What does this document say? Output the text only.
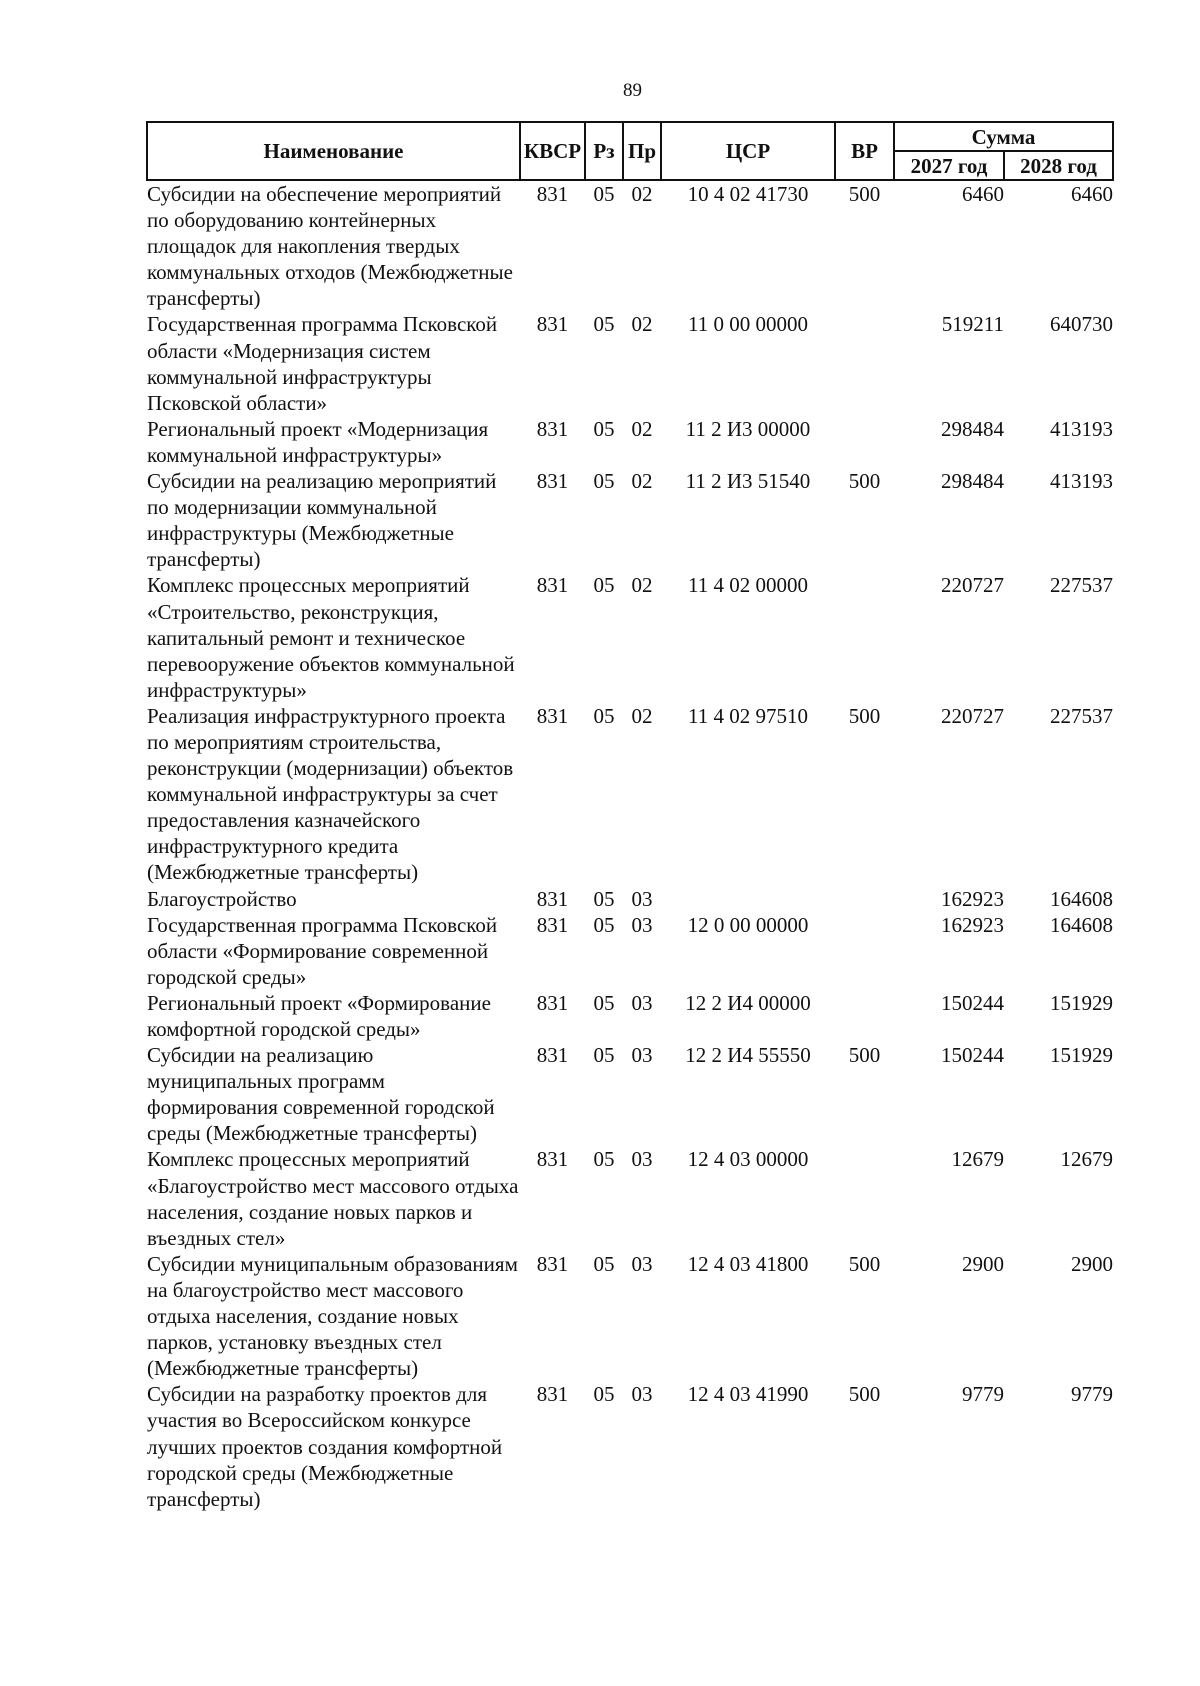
89
Наименование	КВСР	Рз	Пр	ЦСР	ВР	Сумма	
						2027 год	2028 год
Субсидии на обеспечение мероприятий по оборудованию контейнерных площадок для накопления твердых коммунальных отходов (Межбюджетные трансферты)	831	05	02	10 4 02 41730	500	6460	6460
Государственная программа Псковской области «Модернизация систем коммунальной инфраструктуры Псковской области»	831	05	02	11 0 00 00000		519211	640730
Региональный проект «Модернизация коммунальной инфраструктуры»	831	05	02	11 2 И3 00000		298484	413193
Субсидии на реализацию мероприятий по модернизации коммунальной инфраструктуры (Межбюджетные трансферты)	831	05	02	11 2 И3 51540	500	298484	413193
Комплекс процессных мероприятий «Строительство, реконструкция, капитальный ремонт и техническое перевооружение объектов коммунальной инфраструктуры»	831	05	02	11 4 02 00000		220727	227537
Реализация инфраструктурного проекта по мероприятиям строительства, реконструкции (модернизации) объектов коммунальной инфраструктуры за счет предоставления казначейского инфраструктурного кредита (Межбюджетные трансферты)	831	05	02	11 4 02 97510	500	220727	227537
Благоустройство	831	05	03			162923	164608
Государственная программа Псковской области «Формирование современной городской среды»	831	05	03	12 0 00 00000		162923	164608
Региональный проект «Формирование комфортной городской среды»	831	05	03	12 2 И4 00000		150244	151929
Субсидии на реализацию муниципальных программ формирования современной городской среды (Межбюджетные трансферты)	831	05	03	12 2 И4 55550	500	150244	151929
Комплекс процессных мероприятий «Благоустройство мест массового отдыха населения, создание новых парков и въездных стел»	831	05	03	12 4 03 00000		12679	12679
Субсидии муниципальным образованиям на благоустройство мест массового отдыха населения, создание новых парков, установку въездных стел (Межбюджетные трансферты)	831	05	03	12 4 03 41800	500	2900	2900
Субсидии на разработку проектов для участия во Всероссийском конкурсе лучших проектов создания комфортной городской среды (Межбюджетные трансферты)	831	05	03	12 4 03 41990	500	9779	9779
